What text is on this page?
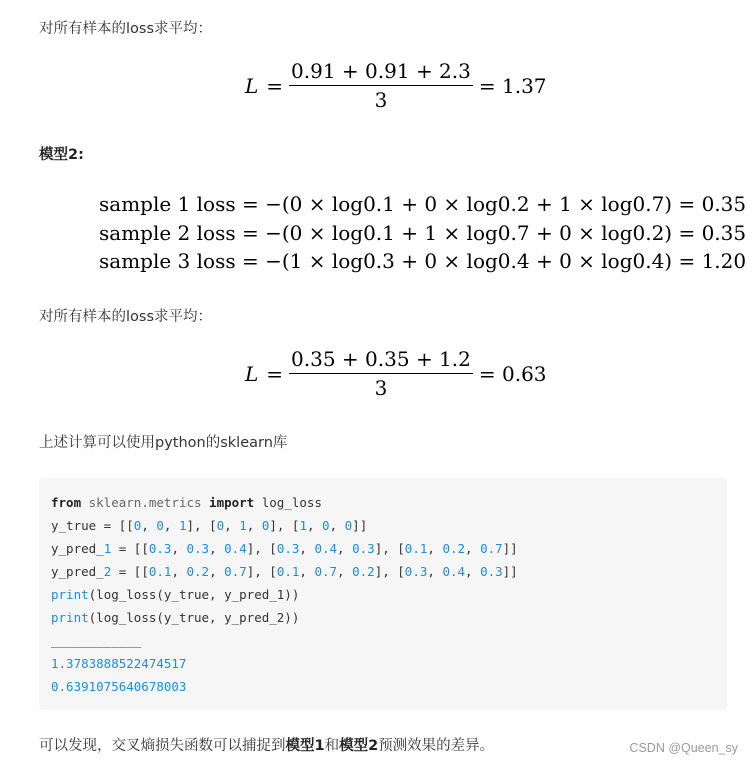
对所有样本的loss求平均：
$L = \frac{0.91 + 0.91 + 2.3}{3} = 1.37$
模型2:
sample 1 loss = −(0 × log0.1 + 0 × log0.2 + 1 × log0.7) = 0.35
sample 2 loss = −(0 × log0.1 + 1 × log0.7 + 0 × log0.2) = 0.35
sample 3 loss = −(1 × log0.3 + 0 × log0.4 + 0 × log0.4) = 1.20
对所有样本的loss求平均：
$L = \frac{0.35 + 0.35 + 1.2}{3} = 0.63$
上述计算可以使用python的sklearn库
from sklearn.metrics import log_loss
y_true = [[0, 0, 1], [0, 1, 0], [1, 0, 0]]
y_pred_1 = [[0.3, 0.3, 0.4], [0.3, 0.4, 0.3], [0.1, 0.2, 0.7]]
y_pred_2 = [[0.1, 0.2, 0.7], [0.1, 0.7, 0.2], [0.3, 0.4, 0.3]]
print(log_loss(y_true, y_pred_1))
print(log_loss(y_true, y_pred_2))
____________
1.3783888522474517
0.6391075640678003
可以发现，交叉熵损失函数可以捕捉到模型1和模型2预测效果的差异。	CSDN @Queen_sy
